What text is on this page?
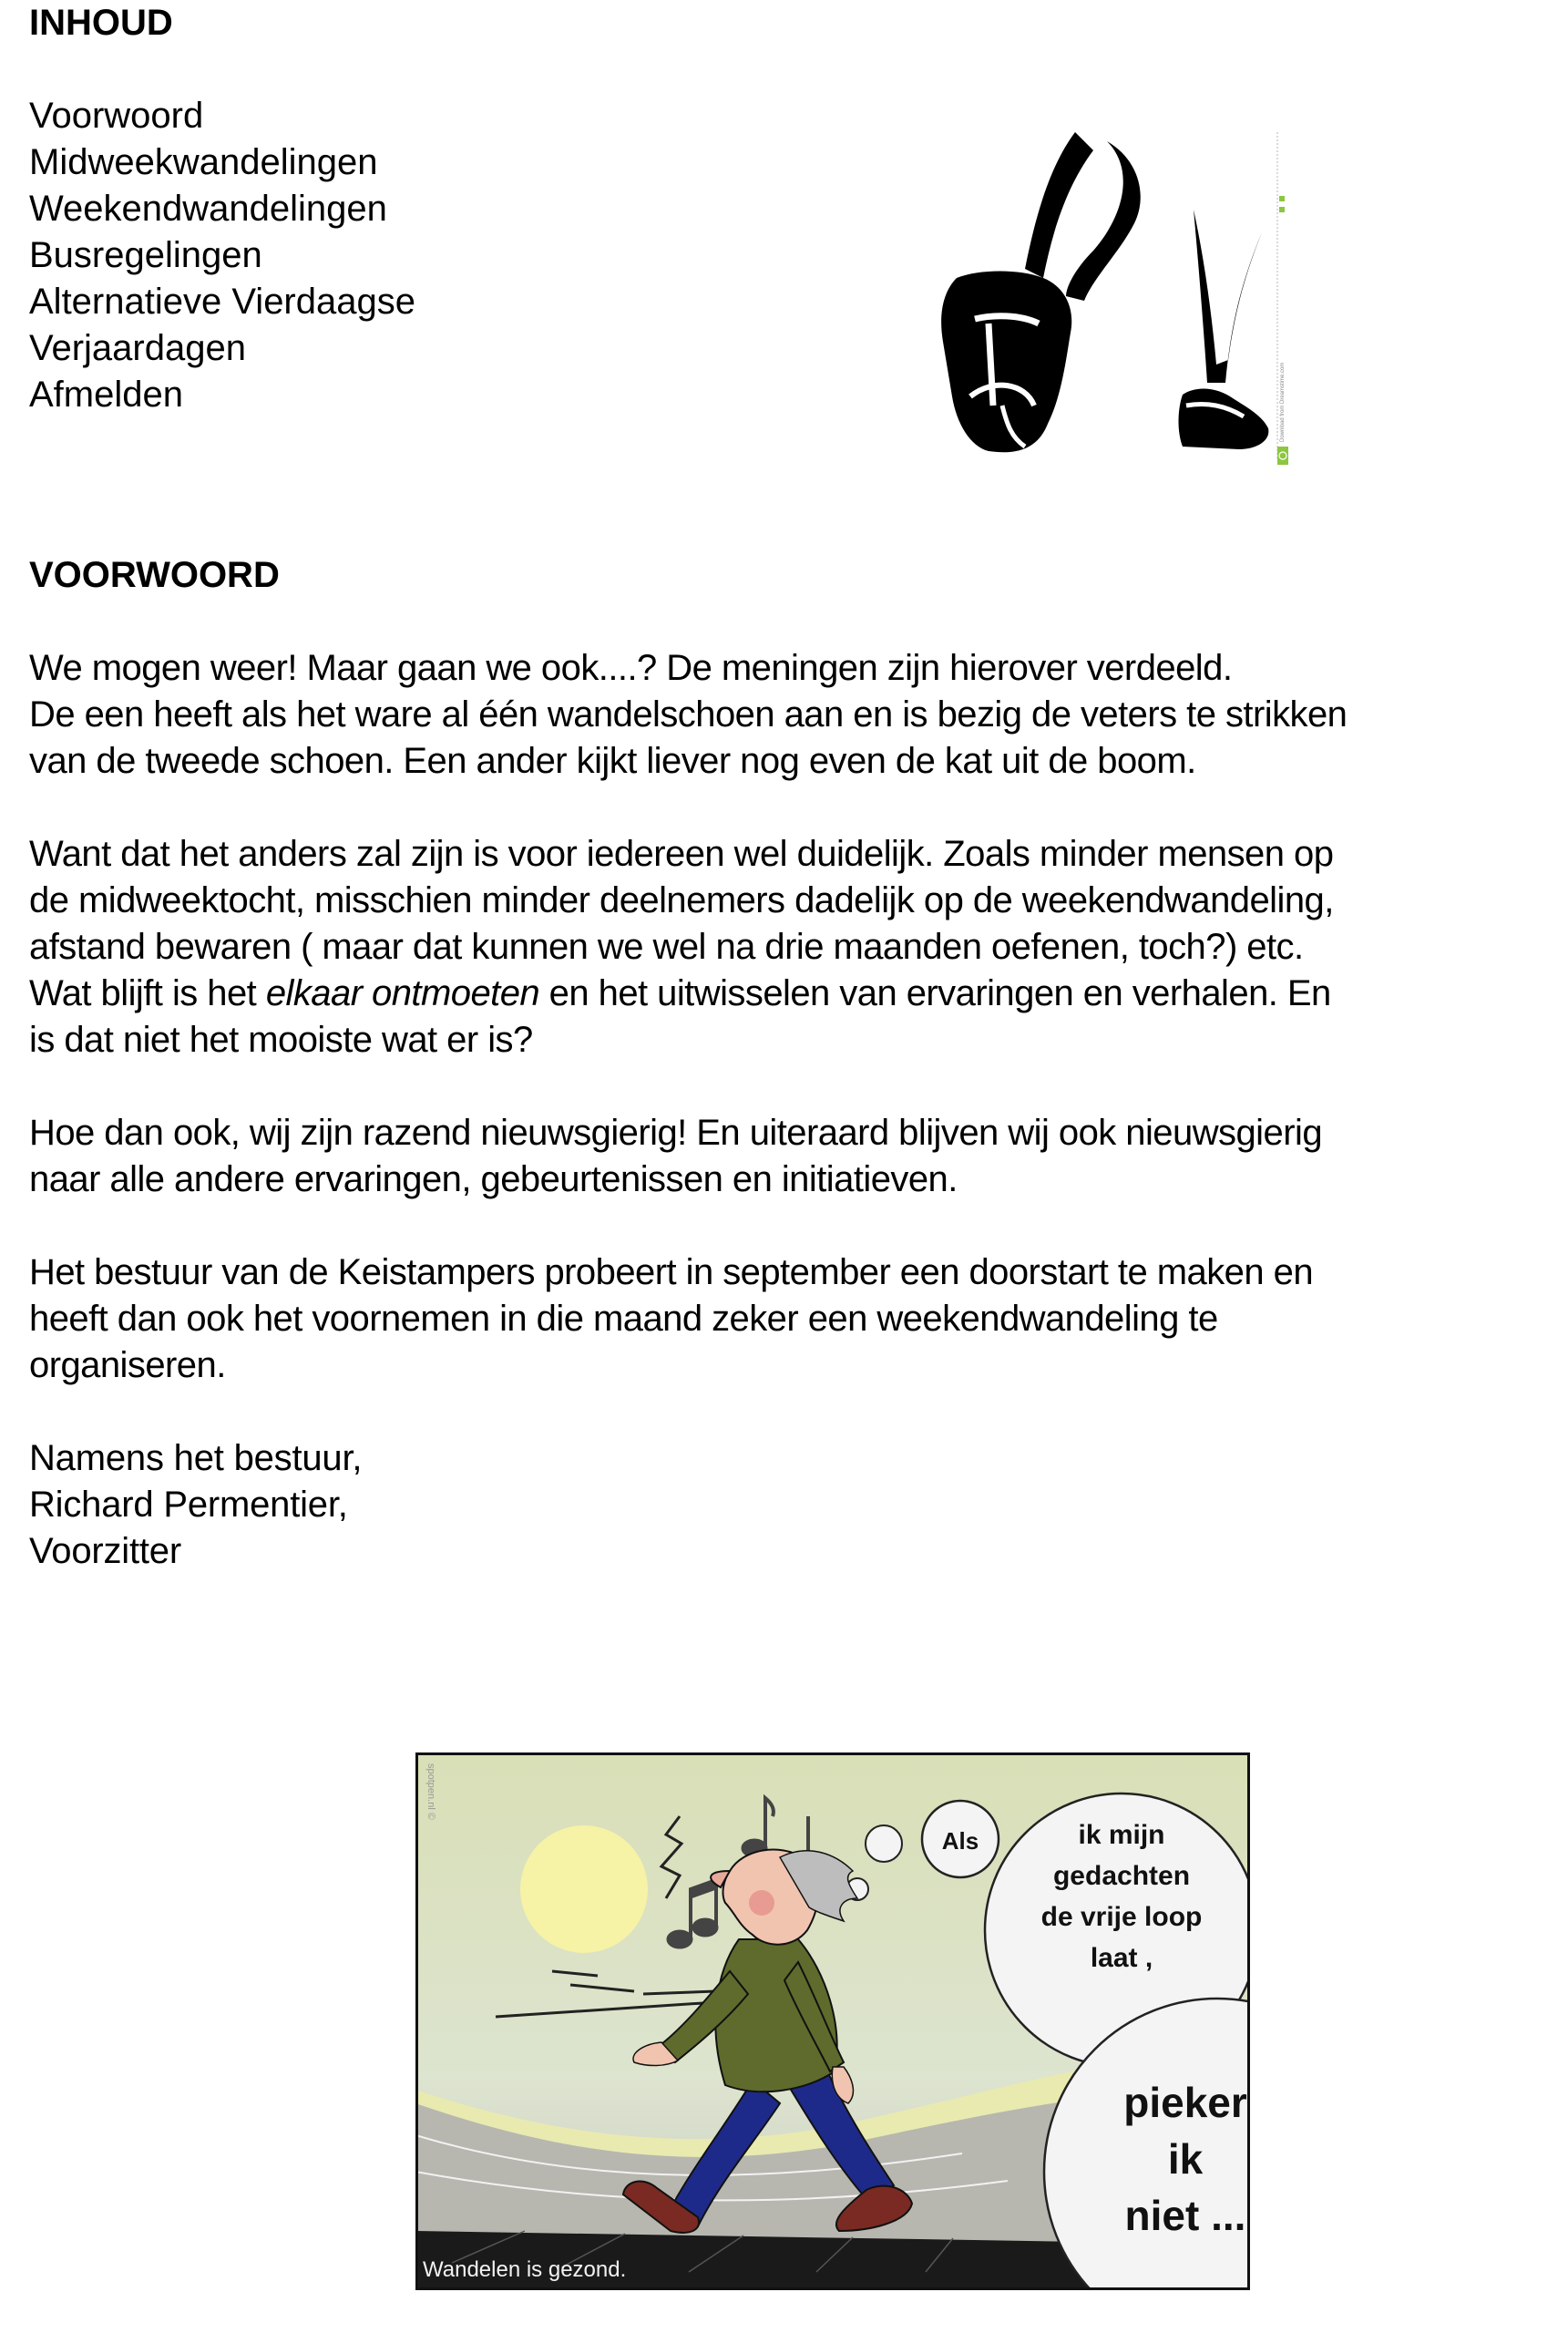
INHOUD
Voorwoord
Midweekwandelingen
Weekendwandelingen
Busregelingen
Alternatieve Vierdaagse
Verjaardagen
Afmelden	Download from Dreamstime.com
VOORWOORD
We mogen weer! Maar gaan we ook....? De meningen zijn hierover verdeeld.
De een heeft als het ware al één wandelschoen aan en is bezig de veters te strikken
van de tweede schoen. Een ander kijkt liever nog even de kat uit de boom.
Want dat het anders zal zijn is voor iedereen wel duidelijk. Zoals minder mensen op
de midweektocht, misschien minder deelnemers dadelijk op de weekendwandeling,
afstand bewaren ( maar dat kunnen we wel na drie maanden oefenen, toch?) etc.
Wat blijft is het elkaar ontmoeten en het uitwisselen van ervaringen en verhalen. En
is dat niet het mooiste wat er is?
Hoe dan ook, wij zijn razend nieuwsgierig! En uiteraard blijven wij ook nieuwsgierig
naar alle andere ervaringen, gebeurtenissen en initiatieven.
Het bestuur van de Keistampers probeert in september een doorstart te maken en
heeft dan ook het voornemen in die maand zeker een weekendwandeling te
organiseren.
Namens het bestuur,
Richard Permentier,
Voorzitter
Als	ik mijn
gedachten
de vrije loop
laat ,
pieker
ik
niet ...
Wandelen is gezond.
spotpen.nl ©
